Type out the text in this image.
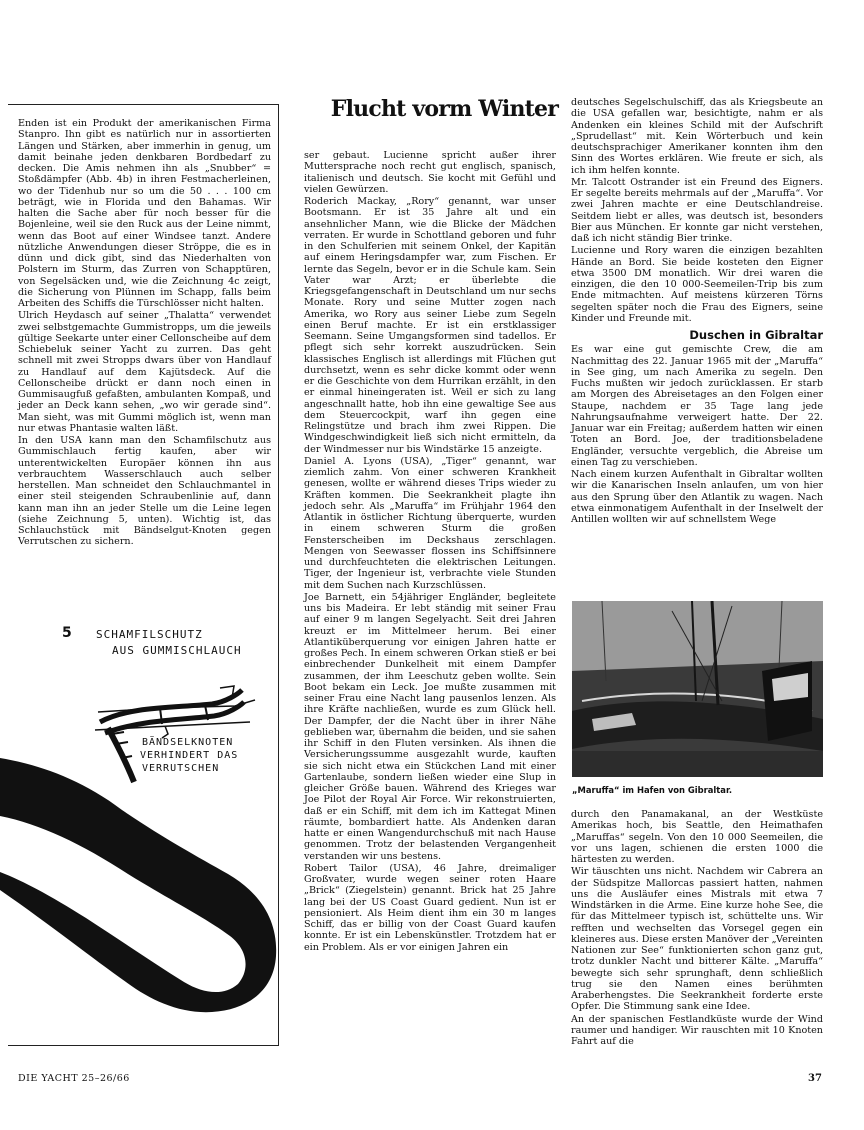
Enden ist ein Produkt der amerikanischen Firma Stanpro. Ihn gibt es natürlich nur in assortierten Längen und Stärken, aber immerhin in genug, um damit beinahe jeden denkbaren Bordbedarf zu decken. Die Amis nehmen ihn als „Snubber“ = Stoßdämpfer (Abb. 4b) in ihren Festmacherleinen, wo der Tidenhub nur so um die 50 . . . 100 cm beträgt, wie in Florida und den Bahamas. Wir halten die Sache aber für noch besser für die Bojenleine, weil sie den Ruck aus der Leine nimmt, wenn das Boot auf einer Windsee tanzt. Andere nützliche Anwendungen dieser Ströppe, die es in dünn und dick gibt, sind das Niederhalten von Polstern im Sturm, das Zurren von Schapptüren, von Segelsäcken und, wie die Zeichnung 4c zeigt, die Sicherung von Plünnen im Schapp, falls beim Arbeiten des Schiffs die Türschlösser nicht halten.

Ulrich Heydasch auf seiner „Thalatta“ verwendet zwei selbstgemachte Gummistropps, um die jeweils gültige Seekarte unter einer Cellonscheibe auf dem Schiebeluk seiner Yacht zu zurren. Das geht schnell mit zwei Stropps dwars über von Handlauf zu Handlauf auf dem Kajütsdeck. Auf die Cellonscheibe drückt er dann noch einen in Gummisaugfuß gefaßten, ambulanten Kompaß, und jeder an Deck kann sehen, „wo wir gerade sind“. Man sieht, was mit Gummi möglich ist, wenn man nur etwas Phantasie walten läßt.

In den USA kann man den Schamfilschutz aus Gummischlauch fertig kaufen, aber wir unterentwickelten Europäer können ihn aus verbrauchtem Wasserschlauch auch selber herstellen. Man schneidet den Schlauchmantel in einer steil steigenden Schraubenlinie auf, dann kann man ihn an jeder Stelle um die Leine legen (siehe Zeichnung 5, unten). Wichtig ist, das Schlauchstück mit Bändselgut-Knoten gegen Verrutschen zu sichern.

5 SCHAMFILSCHUTZ
AUS GUMMISCHLAUCH
BÄNDSELKNOTEN
VERHINDERT DAS
VERRUTSCHEN
Flucht vorm Winter

ser gebaut. Lucienne spricht außer ihrer Muttersprache noch recht gut englisch, spanisch, italienisch und deutsch. Sie kocht mit Gefühl und vielen Gewürzen.

Roderich Mackay, „Rory“ genannt, war unser Bootsmann. Er ist 35 Jahre alt und ein ansehnlicher Mann, wie die Blicke der Mädchen verraten. Er wurde in Schottland geboren und fuhr in den Schulferien mit seinem Onkel, der Kapitän auf einem Heringsdampfer war, zum Fischen. Er lernte das Segeln, bevor er in die Schule kam. Sein Vater war Arzt; er überlebte die Kriegsgefangenschaft in Deutschland um nur sechs Monate. Rory und seine Mutter zogen nach Amerika, wo Rory aus seiner Liebe zum Segeln einen Beruf machte. Er ist ein erstklassiger Seemann. Seine Umgangsformen sind tadellos. Er pflegt sich sehr korrekt auszudrücken. Sein klassisches Englisch ist allerdings mit Flüchen gut durchsetzt, wenn es sehr dicke kommt oder wenn er die Geschichte von dem Hurrikan erzählt, in den er einmal hineingeraten ist. Weil er sich zu lang angeschnallt hatte, hob ihn eine gewaltige See aus dem Steuercockpit, warf ihn gegen eine Relingstütze und brach ihm zwei Rippen. Die Windgeschwindigkeit ließ sich nicht ermitteln, da der Windmesser nur bis Windstärke 15 anzeigte.

Daniel A. Lyons (USA), „Tiger“ genannt, war ziemlich zahm. Von einer schweren Krankheit genesen, wollte er während dieses Trips wieder zu Kräften kommen. Die Seekrankheit plagte ihn jedoch sehr. Als „Maruffa“ im Frühjahr 1964 den Atlantik in östlicher Richtung überquerte, wurden in einem schweren Sturm die großen Fensterscheiben im Deckshaus zerschlagen. Mengen von Seewasser flossen ins Schiffsinnere und durchfeuchteten die elektrischen Leitungen. Tiger, der Ingenieur ist, verbrachte viele Stunden mit dem Suchen nach Kurzschlüssen.

Joe Barnett, ein 54jähriger Engländer, begleitete uns bis Madeira. Er lebt ständig mit seiner Frau auf einer 9 m langen Segelyacht. Seit drei Jahren kreuzt er im Mittelmeer herum. Bei einer Atlantiküberquerung vor einigen Jahren hatte er großes Pech. In einem schweren Orkan stieß er bei einbrechender Dunkelheit mit einem Dampfer zusammen, der ihm Leeschutz geben wollte. Sein Boot bekam ein Leck. Joe mußte zusammen mit seiner Frau eine Nacht lang pausenlos lenzen. Als ihre Kräfte nachließen, wurde es zum Glück hell. Der Dampfer, der die Nacht über in ihrer Nähe geblieben war, übernahm die beiden, und sie sahen ihr Schiff in den Fluten versinken. Als ihnen die Versicherungssumme ausgezahlt wurde, kauften sie sich nicht etwa ein Stückchen Land mit einer Gartenlaube, sondern ließen wieder eine Slup in gleicher Größe bauen. Während des Krieges war Joe Pilot der Royal Air Force. Wir rekonstruierten, daß er ein Schiff, mit dem ich im Kattegat Minen räumte, bombardiert hatte. Als Andenken daran hatte er einen Wangendurchschuß mit nach Hause genommen. Trotz der belastenden Vergangenheit verstanden wir uns bestens.

Robert Tailor (USA), 46 Jahre, dreimaliger Großvater, wurde wegen seiner roten Haare „Brick“ (Ziegelstein) genannt. Brick hat 25 Jahre lang bei der US Coast Guard gedient. Nun ist er pensioniert. Als Heim dient ihm ein 30 m langes Schiff, das er billig von der Coast Guard kaufen konnte. Er ist ein Lebenskünstler. Trotzdem hat er ein Problem. Als er vor einigen Jahren ein

deutsches Segelschulschiff, das als Kriegsbeute an die USA gefallen war, besichtigte, nahm er als Andenken ein kleines Schild mit der Aufschrift „Sprudellast“ mit. Kein Wörterbuch und kein deutschsprachiger Amerikaner konnten ihm den Sinn des Wortes erklären. Wie freute er sich, als ich ihm helfen konnte.

Mr. Talcott Ostrander ist ein Freund des Eigners. Er segelte bereits mehrmals auf der „Maruffa“. Vor zwei Jahren machte er eine Deutschlandreise. Seitdem liebt er alles, was deutsch ist, besonders Bier aus München. Er konnte gar nicht verstehen, daß ich nicht ständig Bier trinke.

Lucienne und Rory waren die einzigen bezahlten Hände an Bord. Sie beide kosteten den Eigner etwa 3500 DM monatlich. Wir drei waren die einzigen, die den 10 000-Seemeilen-Trip bis zum Ende mitmachten. Auf meistens kürzeren Törns segelten später noch die Frau des Eigners, seine Kinder und Freunde mit.

Duschen in Gibraltar

Es war eine gut gemischte Crew, die am Nachmittag des 22. Januar 1965 mit der „Maruffa“ in See ging, um nach Amerika zu segeln. Den Fuchs mußten wir jedoch zurücklassen. Er starb am Morgen des Abreisetages an den Folgen einer Staupe, nachdem er 35 Tage lang jede Nahrungsaufnahme verweigert hatte. Der 22. Januar war ein Freitag; außerdem hatten wir einen Toten an Bord. Joe, der traditionsbeladene Engländer, versuchte vergeblich, die Abreise um einen Tag zu verschieben.

Nach einem kurzen Aufenthalt in Gibraltar wollten wir die Kanarischen Inseln anlaufen, um von hier aus den Sprung über den Atlantik zu wagen. Nach etwa einmonatigem Aufenthalt in der Inselwelt der Antillen wollten wir auf schnellstem Wege

„Maruffa“ im Hafen von Gibraltar.

durch den Panamakanal, an der Westküste Amerikas hoch, bis Seattle, den Heimathafen „Maruffas“ segeln. Von den 10 000 Seemeilen, die vor uns lagen, schienen die ersten 1000 die härtesten zu werden.

Wir täuschten uns nicht. Nachdem wir Cabrera an der Südspitze Mallorcas passiert hatten, nahmen uns die Ausläufer eines Mistrals mit etwa 7 Windstärken in die Arme. Eine kurze hohe See, die für das Mittelmeer typisch ist, schüttelte uns. Wir refften und wechselten das Vorsegel gegen ein kleineres aus. Diese ersten Manöver der „Vereinten Nationen zur See“ funktionierten schon ganz gut, trotz dunkler Nacht und bitterer Kälte. „Maruffa“ bewegte sich sehr sprunghaft, denn schließlich trug sie den Namen eines berühmten Araberhengstes. Die Seekrankheit forderte erste Opfer. Die Stimmung sank eine Idee.

An der spanischen Festlandküste wurde der Wind raumer und handiger. Wir rauschten mit 10 Knoten Fahrt auf die

DIE YACHT 25–26/66	37
